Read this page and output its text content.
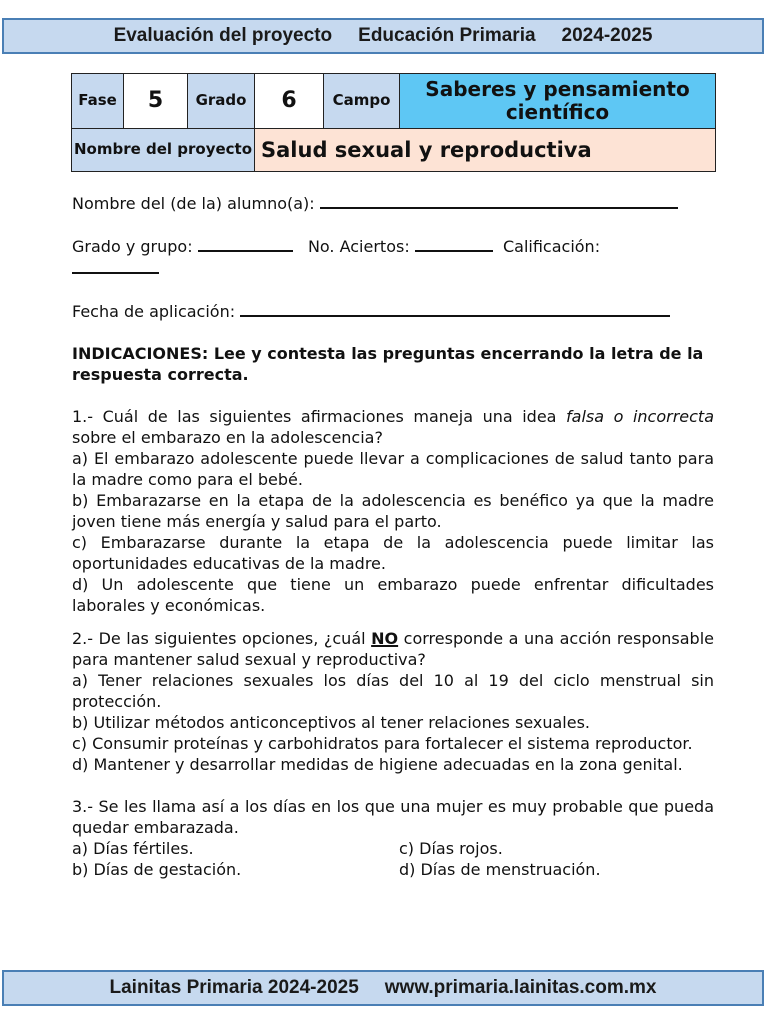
Evaluación del proyecto Educación Primaria 2024-2025
Fase	5	Grado	6	Campo	Saberes y pensamiento científico
Nombre del proyecto			Salud sexual y reproductiva		

Nombre del (de la) alumno(a):

Grado y grupo:	No. Aciertos:	Calificación:

Fecha de aplicación:

INDICACIONES: Lee y contesta las preguntas encerrando la letra de la respuesta correcta.

1.- Cuál de las siguientes afirmaciones maneja una idea falsa o incorrecta sobre el embarazo en la adolescencia?

a) El embarazo adolescente puede llevar a complicaciones de salud tanto para la madre como para el bebé.

b) Embarazarse en la etapa de la adolescencia es benéfico ya que la madre joven tiene más energía y salud para el parto.

c) Embarazarse durante la etapa de la adolescencia puede limitar las oportunidades educativas de la madre.

d) Un adolescente que tiene un embarazo puede enfrentar dificultades laborales y económicas.

2.- De las siguientes opciones, ¿cuál NO corresponde a una acción responsable para mantener salud sexual y reproductiva?

a) Tener relaciones sexuales los días del 10 al 19 del ciclo menstrual sin protección.

b) Utilizar métodos anticonceptivos al tener relaciones sexuales.

c) Consumir proteínas y carbohidratos para fortalecer el sistema reproductor.

d) Mantener y desarrollar medidas de higiene adecuadas en la zona genital.

3.- Se les llama así a los días en los que una mujer es muy probable que pueda quedar embarazada.

a) Días fértiles.	c) Días rojos.
b) Días de gestación.	d) Días de menstruación.
Lainitas Primaria 2024-2025 www.primaria.lainitas.com.mx
